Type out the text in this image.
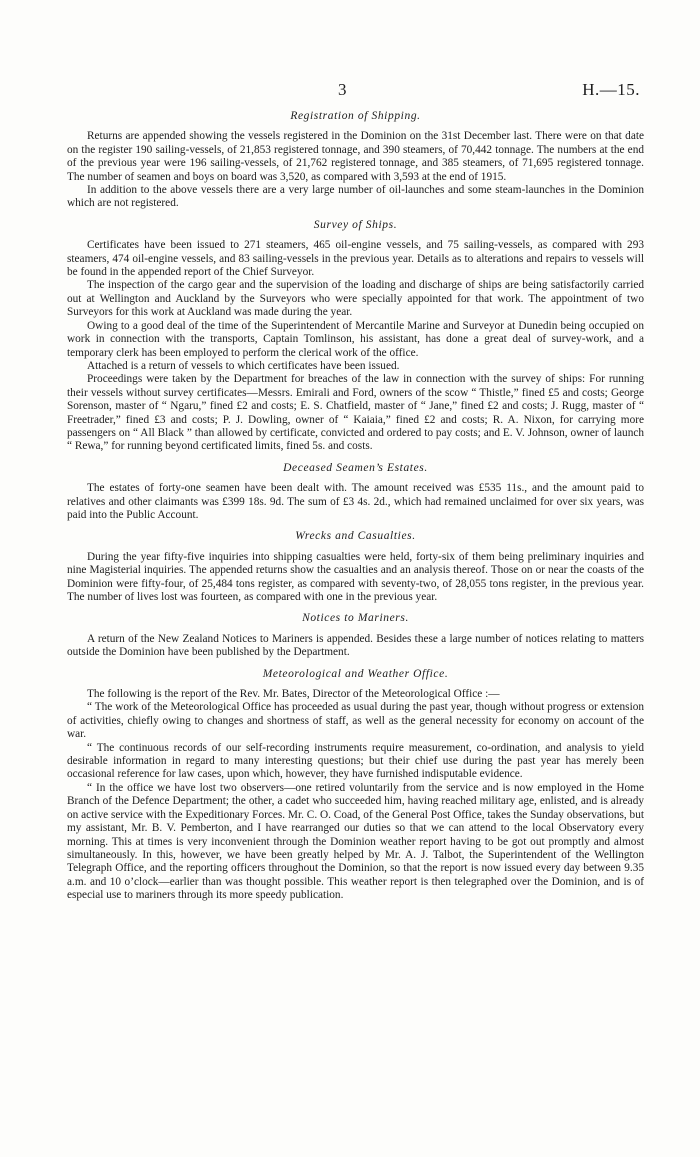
3	H.—15.
Registration of Shipping.

Returns are appended showing the vessels registered in the Dominion on the 31st December last. There were on that date on the register 190 sailing-vessels, of 21,853 registered tonnage, and 390 steamers, of 70,442 tonnage. The numbers at the end of the previous year were 196 sailing-vessels, of 21,762 registered tonnage, and 385 steamers, of 71,695 registered tonnage. The number of seamen and boys on board was 3,520, as compared with 3,593 at the end of 1915.

In addition to the above vessels there are a very large number of oil-launches and some steam-launches in the Dominion which are not registered.

Survey of Ships.

Certificates have been issued to 271 steamers, 465 oil-engine vessels, and 75 sailing-vessels, as compared with 293 steamers, 474 oil-engine vessels, and 83 sailing-vessels in the previous year. Details as to alterations and repairs to vessels will be found in the appended report of the Chief Surveyor.

The inspection of the cargo gear and the supervision of the loading and discharge of ships are being satisfactorily carried out at Wellington and Auckland by the Surveyors who were specially appointed for that work. The appointment of two Surveyors for this work at Auckland was made during the year.

Owing to a good deal of the time of the Superintendent of Mercantile Marine and Surveyor at Dunedin being occupied on work in connection with the transports, Captain Tomlinson, his assistant, has done a great deal of survey-work, and a temporary clerk has been employed to perform the clerical work of the office.

Attached is a return of vessels to which certificates have been issued.

Proceedings were taken by the Department for breaches of the law in connection with the survey of ships: For running their vessels without survey certificates—Messrs. Emirali and Ford, owners of the scow “ Thistle,” fined £5 and costs; George Sorenson, master of “ Ngaru,” fined £2 and costs; E. S. Chatfield, master of “ Jane,” fined £2 and costs; J. Rugg, master of “ Freetrader,” fined £3 and costs; P. J. Dowling, owner of “ Kaiaia,” fined £2 and costs; R. A. Nixon, for carrying more passengers on “ All Black ” than allowed by certificate, convicted and ordered to pay costs; and E. V. Johnson, owner of launch “ Rewa,” for running beyond certificated limits, fined 5s. and costs.

Deceased Seamen’s Estates.

The estates of forty-one seamen have been dealt with. The amount received was £535 11s., and the amount paid to relatives and other claimants was £399 18s. 9d. The sum of £3 4s. 2d., which had remained unclaimed for over six years, was paid into the Public Account.

Wrecks and Casualties.

During the year fifty-five inquiries into shipping casualties were held, forty-six of them being preliminary inquiries and nine Magisterial inquiries. The appended returns show the casualties and an analysis thereof. Those on or near the coasts of the Dominion were fifty-four, of 25,484 tons register, as compared with seventy-two, of 28,055 tons register, in the previous year. The number of lives lost was fourteen, as compared with one in the previous year.

Notices to Mariners.

A return of the New Zealand Notices to Mariners is appended. Besides these a large number of notices relating to matters outside the Dominion have been published by the Department.

Meteorological and Weather Office.

The following is the report of the Rev. Mr. Bates, Director of the Meteorological Office :—

“ The work of the Meteorological Office has proceeded as usual during the past year, though without progress or extension of activities, chiefly owing to changes and shortness of staff, as well as the general necessity for economy on account of the war.

“ The continuous records of our self-recording instruments require measurement, co-ordination, and analysis to yield desirable information in regard to many interesting questions; but their chief use during the past year has merely been occasional reference for law cases, upon which, however, they have furnished indisputable evidence.

“ In the office we have lost two observers—one retired voluntarily from the service and is now employed in the Home Branch of the Defence Department; the other, a cadet who succeeded him, having reached military age, enlisted, and is already on active service with the Expeditionary Forces. Mr. C. O. Coad, of the General Post Office, takes the Sunday observations, but my assistant, Mr. B. V. Pemberton, and I have rearranged our duties so that we can attend to the local Observatory every morning. This at times is very inconvenient through the Dominion weather report having to be got out promptly and almost simultaneously. In this, however, we have been greatly helped by Mr. A. J. Talbot, the Superintendent of the Wellington Telegraph Office, and the reporting officers throughout the Dominion, so that the report is now issued every day between 9.35 a.m. and 10 o’clock—earlier than was thought possible. This weather report is then telegraphed over the Dominion, and is of especial use to mariners through its more speedy publication.
